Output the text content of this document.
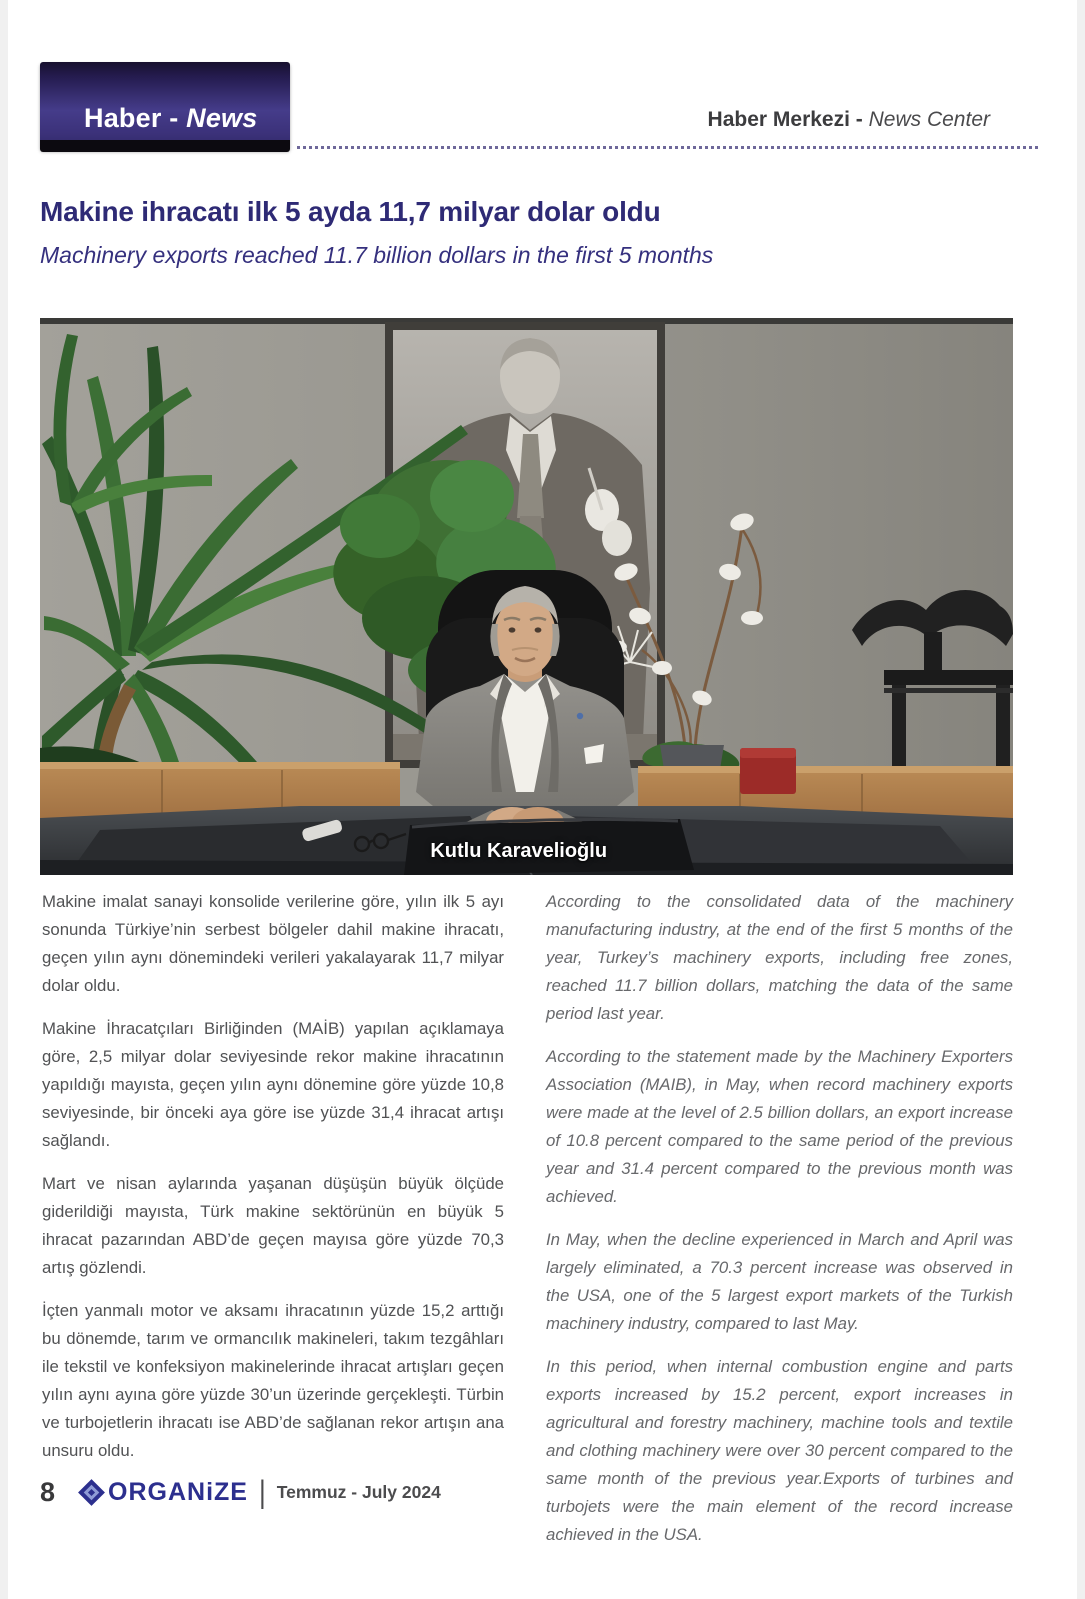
Haber - News	Haber Merkezi - News Center
Makine ihracatı ilk 5 ayda 11,7 milyar dolar oldu
Machinery exports reached 11.7 billion dollars in the first 5 months
Kutlu Karavelioğlu

Makine imalat sanayi konsolide verilerine göre, yılın ilk 5 ayı sonunda Türkiye’nin serbest bölgeler dahil makine ihracatı, geçen yılın aynı dönemindeki verileri yakalayarak 11,7 milyar dolar oldu.

Makine İhracatçıları Birliğinden (MAİB) yapılan açıklamaya göre, 2,5 milyar dolar seviyesinde rekor makine ihracatının yapıldığı mayısta, geçen yılın aynı dönemine göre yüzde 10,8 seviyesinde, bir önceki aya göre ise yüzde 31,4 ihracat artışı sağlandı.

Mart ve nisan aylarında yaşanan düşüşün büyük ölçüde giderildiği mayısta, Türk makine sektörünün en büyük 5 ihracat pazarından ABD’de geçen mayısa göre yüzde 70,3 artış gözlendi.

İçten yanmalı motor ve aksamı ihracatının yüzde 15,2 arttığı bu dönemde, tarım ve ormancılık makineleri, takım tezgâhları ile tekstil ve konfeksiyon makinelerinde ihracat artışları geçen yılın aynı ayına göre yüzde 30’un üzerinde gerçekleşti. Türbin ve turbojetlerin ihracatı ise ABD’de sağlanan rekor artışın ana unsuru oldu.

According to the consolidated data of the machinery manufacturing industry, at the end of the first 5 months of the year, Turkey’s machinery exports, including free zones, reached 11.7 billion dollars, matching the data of the same period last year.

According to the statement made by the Machinery Exporters Association (MAIB), in May, when record machinery exports were made at the level of 2.5 billion dollars, an export increase of 10.8 percent compared to the same period of the previous year and 31.4 percent compared to the previous month was achieved.

In May, when the decline experienced in March and April was largely eliminated, a 70.3 percent increase was observed in the USA, one of the 5 largest export markets of the Turkish machinery industry, compared to last May.

In this period, when internal combustion engine and parts exports increased by 15.2 percent, export increases in agricultural and forestry machinery, machine tools and textile and clothing machinery were over 30 percent compared to the same month of the previous year.Exports of turbines and turbojets were the main element of the record increase achieved in the USA.

8 ORGANiZE | Temmuz - July 2024
